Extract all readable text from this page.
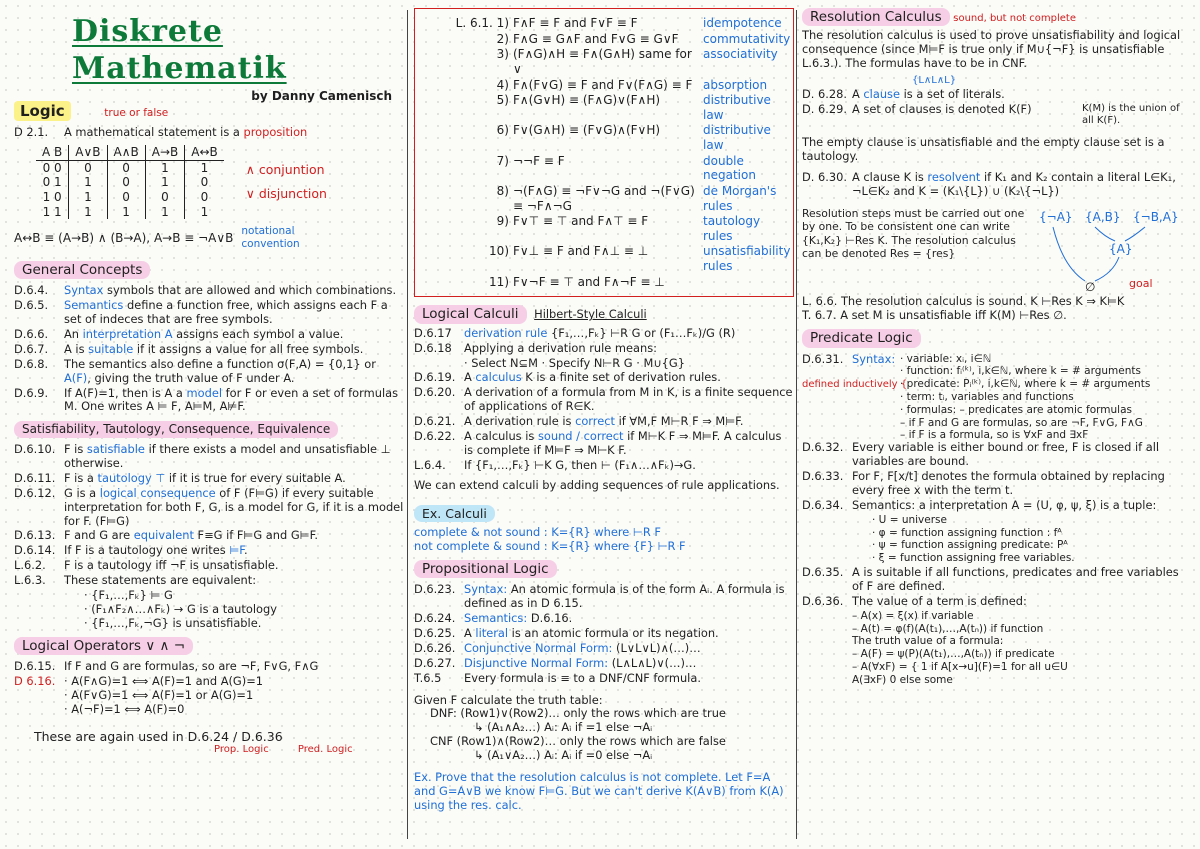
Diskrete Mathematik
by Danny Camenisch
Logic	true or false
D 2.1.	A mathematical statement is a proposition
A B	A∨B	A∧B	A→B	A↔B
0 0	0	0	1	1
0 1	1	0	1	0
1 0	1	0	0	0
1 1	1	1	1	1
∧ conjuntion
∨ disjunction
A↔B ≡ (A→B) ∧ (B→A), A→B ≡ ¬A∨B notational convention
General Concepts
D.6.4.	Syntax symbols that are allowed and which combinations.
D.6.5.	Semantics define a function free, which assigns each F a set of indeces that are free symbols.
D.6.6.	An interpretation A assigns each symbol a value.
D.6.7.	A is suitable if it assigns a value for all free symbols.
D.6.8.	The semantics also define a function σ(F,A) = {0,1} or A(F), giving the truth value of F under A.
D.6.9.	If A(F)=1, then is A a model for F or even a set of formulas M. One writes A ⊨ F, A⊨M, A⊭F.
Satisfiability, Tautology, Consequence, Equivalence
D.6.10. F is satisfiable if there exists a model and unsatisfiable ⊥ otherwise.
D.6.11. F is a tautology ⊤ if it is true for every suitable A.
D.6.12. G is a logical consequence of F (F⊨G) if every suitable interpretation for both F, G, is a model for G, if it is a model for F. (F⊨G)
D.6.13. F and G are equivalent F≡G if F⊨G and G⊨F.
D.6.14. If F is a tautology one writes ⊨F.
L.6.2.	F is a tautology iff ¬F is unsatisfiable.
L.6.3.	These statements are equivalent:
· {F₁,…,Fₖ} ⊨ G
· (F₁∧F₂∧…∧Fₖ) → G is a tautology
· {F₁,…,Fₖ,¬G} is unsatisfiable.
Logical Operators ∨ ∧ ¬
D.6.15. If F and G are formulas, so are ¬F, F∨G, F∧G
D 6.16. · A(F∧G)=1 ⟺ A(F)=1 and A(G)=1
· A(F∨G)=1 ⟺ A(F)=1 or A(G)=1
· A(¬F)=1 ⟺ A(F)=0
These are again used in D.6.24 / D.6.36
Prop. Logic	Pred. Logic
L. 6.1. 1) F∧F ≡ F and F∨F ≡ F	idempotence
2) F∧G ≡ G∧F and F∨G ≡ G∨F	commutativity
3) (F∧G)∧H ≡ F∧(G∧H) same for ∨
associativity
4) F∧(F∨G) ≡ F and F∨(F∧G) ≡ F absorption
5) F∧(G∨H) ≡ (F∧G)∨(F∧H)	distributive law
6) F∨(G∧H) ≡ (F∨G)∧(F∨H)	distributive law
7) ¬¬F ≡ F	double negation
8) ¬(F∧G) ≡ ¬F∨¬G and ¬(F∨G) ≡ ¬F∧¬G
de Morgan's rules
9) F∨⊤ ≡ ⊤ and F∧⊤ ≡ F	tautology rules
10) F∨⊥ ≡ F and F∧⊥ ≡ ⊥	unsatisfiability rules
11) F∨¬F ≡ ⊤ and F∧¬F ≡ ⊥
Logical Calculi Hilbert-Style Calculi
D.6.17	derivation rule {F₁,…,Fₖ} ⊢R G or (F₁…Fₖ)/G (R)
D.6.18	Applying a derivation rule means:
· Select N⊆M · Specify N⊢R G · M∪{G}
D.6.19. A calculus K is a finite set of derivation rules.
D.6.20. A derivation of a formula from M in K, is a finite sequence of applications of R∈K.
D.6.21. A derivation rule is correct if ∀M,F M⊢R F ⇒ M⊨F.
D.6.22. A calculus is sound / correct if M⊢K F ⇒ M⊨F. A calculus is complete if M⊨F ⇒ M⊢K F.
L.6.4.	If {F₁,…,Fₖ} ⊢K G, then ⊢ (F₁∧…∧Fₖ)→G.
We can extend calculi by adding sequences of rule applications.
Ex. Calculi
complete & not sound : K={R} where ⊢R F
not complete & sound : K={R} where {F} ⊢R F
Propositional Logic
D.6.23. Syntax: An atomic formula is of the form Aᵢ. A formula is defined as in D 6.15.
D.6.24. Semantics: D.6.16.
D.6.25. A literal is an atomic formula or its negation.
D.6.26. Conjunctive Normal Form: (L∨L∨L)∧(…)…
D.6.27. Disjunctive Normal Form: (L∧L∧L)∨(…)…
T.6.5	Every formula is ≡ to a DNF/CNF formula.
Given F calculate the truth table:
DNF: (Row1)∨(Row2)… only the rows which are true
↳ (A₁∧A₂…) Aᵢ: Aᵢ if =1 else ¬Aᵢ
CNF (Row1)∧(Row2)… only the rows which are false
↳ (A₁∨A₂…) Aᵢ: Aᵢ if =0 else ¬Aᵢ
Ex. Prove that the resolution calculus is not complete. Let F=A and G=A∨B we know F⊨G. But we can't derive K(A∨B) from K(A) using the res. calc.
Resolution Calculus sound, but not complete
The resolution calculus is used to prove unsatisfiability and logical consequence (since M⊨F is true only if M∪{¬F} is unsatisfiable L.6.3.). The formulas have to be in CNF.
{L∧L∧L}
D. 6.28. A clause is a set of literals.
D. 6.29. A set of clauses is denoted K(F)	K(M) is the union of all K(F).
The empty clause is unsatisfiable and the empty clause set is a tautology.
D. 6.30. A clause K is resolvent if K₁ and K₂ contain a literal L∈K₁, ¬L∈K₂ and K = (K₁\{L}) ∪ (K₂\{¬L})
Resolution steps must be carried out one by one. To be consistent one can write {K₁,K₂} ⊢Res K. The resolution calculus can be denoted Res = {res}
{¬A} {A,B} {¬B,A}
{A}
∅	goal
L. 6.6. The resolution calculus is sound. K ⊢Res K ⇒ K⊨K
T. 6.7. A set M is unsatisfiable iff K(M) ⊢Res ∅.
Predicate Logic
D.6.31. Syntax: · variable: xᵢ, i∈ℕ
· function: fᵢ⁽ᵏ⁾, i,k∈ℕ, where k = # arguments
· predicate: Pᵢ⁽ᵏ⁾, i,k∈ℕ, where k = # arguments
· term: tᵢ, variables and functions
· formulas: – predicates are atomic formulas
– if F and G are formulas, so are ¬F, F∨G, F∧G
– if F is a formula, so is ∀xF and ∃xF
defined inductively {
D.6.32. Every variable is either bound or free, F is closed if all variables are bound.
D.6.33. For F, F[x/t] denotes the formula obtained by replacing every free x with the term t.
D.6.34. Semantics: a interpretation A = (U, φ, ψ, ξ) is a tuple:
· U = universe
· φ = function assigning function : fᴬ
· ψ = function assigning predicate: Pᴬ
· ξ = function assigning free variables.
D.6.35. A is suitable if all functions, predicates and free variables of F are defined.
D.6.36. The value of a term is defined:
– A(x) = ξ(x) if variable
– A(t) = φ(f)(A(t₁),…,A(tₙ)) if function
The truth value of a formula:
– A(F) = ψ(P)(A(t₁),…,A(tₙ)) if predicate
– A(∀xF) = { 1 if A[x→u](F)=1 for all u∈U
A(∃xF) 0 else some
